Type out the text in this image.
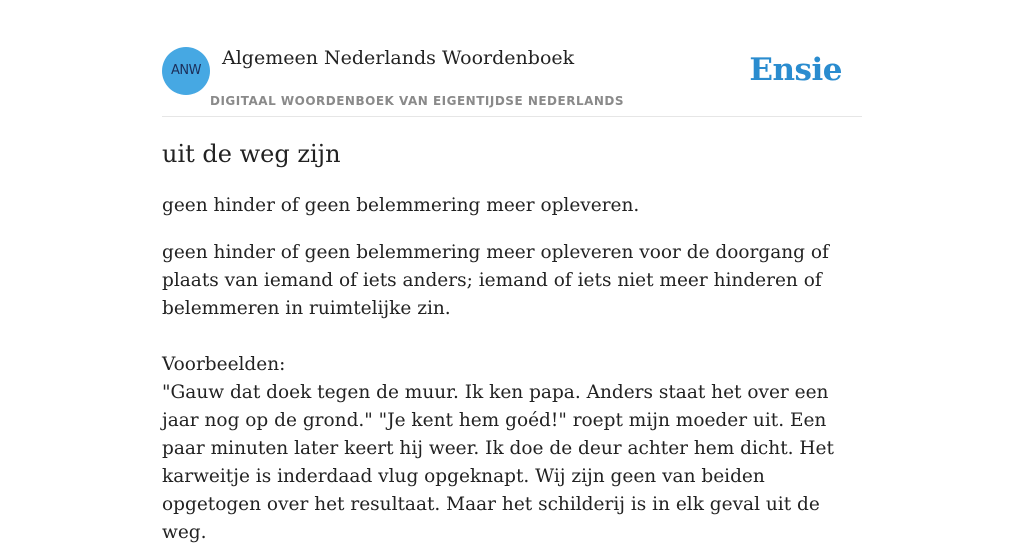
ANW
Algemeen Nederlands Woordenboek
DIGITAAL WOORDENBOEK VAN EIGENTIJDSE NEDERLANDS
Ensie
uit de weg zijn
geen hinder of geen belemmering meer opleveren.

geen hinder of geen belemmering meer opleveren voor de doorgang of plaats van iemand of iets anders; iemand of iets niet meer hinderen of belemmeren in ruimtelijke zin.

Voorbeelden:

"Gauw dat doek tegen de muur. Ik ken papa. Anders staat het over een jaar nog op de grond." "Je kent hem goéd!" roept mijn moeder uit. Een paar minuten later keert hij weer. Ik doe de deur achter hem dicht. Het karweitje is inderdaad vlug opgeknapt. Wij zijn geen van beiden opgetogen over het resultaat. Maar het schilderij is in elk geval uit de weg.
